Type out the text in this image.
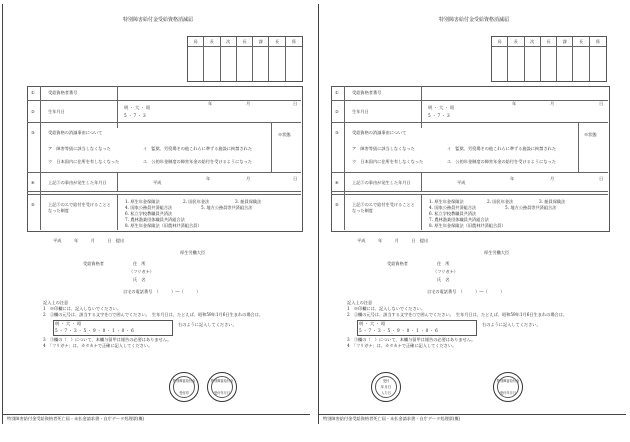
特別障害給付金受給資格消滅届
局	長	次	長	課	長	係
①	受給資格者番号
②	生年月日
明 ・ 大 ・ 昭
5 ・ 7 ・ 3
年	月	日
③	受給資格の消滅事由について
ア　障害等級に該当しなくなった	イ　監獄、労役場その他これらに準ずる施設に拘禁された
ウ　日本国内に住所を有しなくなった	エ　公的年金制度の障害年金の給付を受けるようになった
※状態
④	上記③の事由が発生した年月日	平成
年	月	日
⑤	上記③のエで給付を受けることと
なった制度
1. 厚生年金保険法	2. 国民年金法	3. 船員保険法
4. 国家公務員共済組合法	5. 地方公務員等共済組合法
6. 私立学校教職員共済法
7. 農林漁業団体職員共済組合法
8. 厚生年金保険法（旧農林共済組合員）
平成　　　年　　　月　　　日　提出
　　　　　　　　　　　　　　　　厚生労働大臣
受給資格者	住　所
（フリガナ）
氏　名
自宅の電話番号　（　　　）―（　　　）
記入上の注意
1　※印欄には、記入しないでください。
2　②欄の元号は、該当する文字を○で囲んでください。　生年月日は、たとえば、昭和59年1月6日生まれの場合は、
明 ・ 大 ・ 昭
5 ・ 7 ・ 3 ・ 5 ・ 9 ・ 0 ・ 1 ・ 0 ・ 6
右のように記入してください。
3　③欄の（　）について、本欄与留甲は報告の必要はありません。
4　「フリガナ」は、カタカナで正確に記入してください。
特別障害給付金
受付印
特別障害給付金
受付年月日
特別障害給付金受給資格者死亡届・未払金請求書・自庁データ処理票(概)
特別障害給付金受給資格消滅届
局	長	次	長	課	長	係
①	受給資格者番号
②	生年月日
明 ・ 大 ・ 昭
5 ・ 7 ・ 3
年	月	日
③	受給資格の消滅事由について
ア　障害等級に該当しなくなった	イ　監獄、労役場その他これらに準ずる施設に拘禁された
ウ　日本国内に住所を有しなくなった	エ　公的年金制度の障害年金の給付を受けるようになった
※状態
④	上記③の事由が発生した年月日	平成
年	月	日
⑤	上記③のエで給付を受けることと
なった制度
1. 厚生年金保険法	2. 国民年金法	3. 船員保険法
4. 国家公務員共済組合法	5. 地方公務員等共済組合法
6. 私立学校教職員共済法
7. 農林漁業団体職員共済組合法
8. 厚生年金保険法（旧農林共済組合員）
平成　　　年　　　月　　　日　提出
　　　　　　　　　　　　　　　　厚生労働大臣
受給資格者	住　所
（フリガナ）
氏　名
自宅の電話番号　（　　　）―（　　　）
記入上の注意
1　※印欄には、記入しないでください。
2　②欄の元号は、該当する文字を○で囲んでください。　生年月日は、たとえば、昭和59年1月6日生まれの場合は、
明 ・ 大 ・ 昭
5 ・ 7 ・ 3 ・ 5 ・ 9 ・ 0 ・ 1 ・ 0 ・ 6
右のように記入してください。
3　③欄の（　）について、本欄与留甲は報告の必要はありません。
4　「フリガナ」は、カタカナで正確に記入してください。
受付
年月日
入力日
特別障害給付金
受付年月日
特別障害給付金受給資格者死亡届・未払金請求書・自庁データ処理票(概)
